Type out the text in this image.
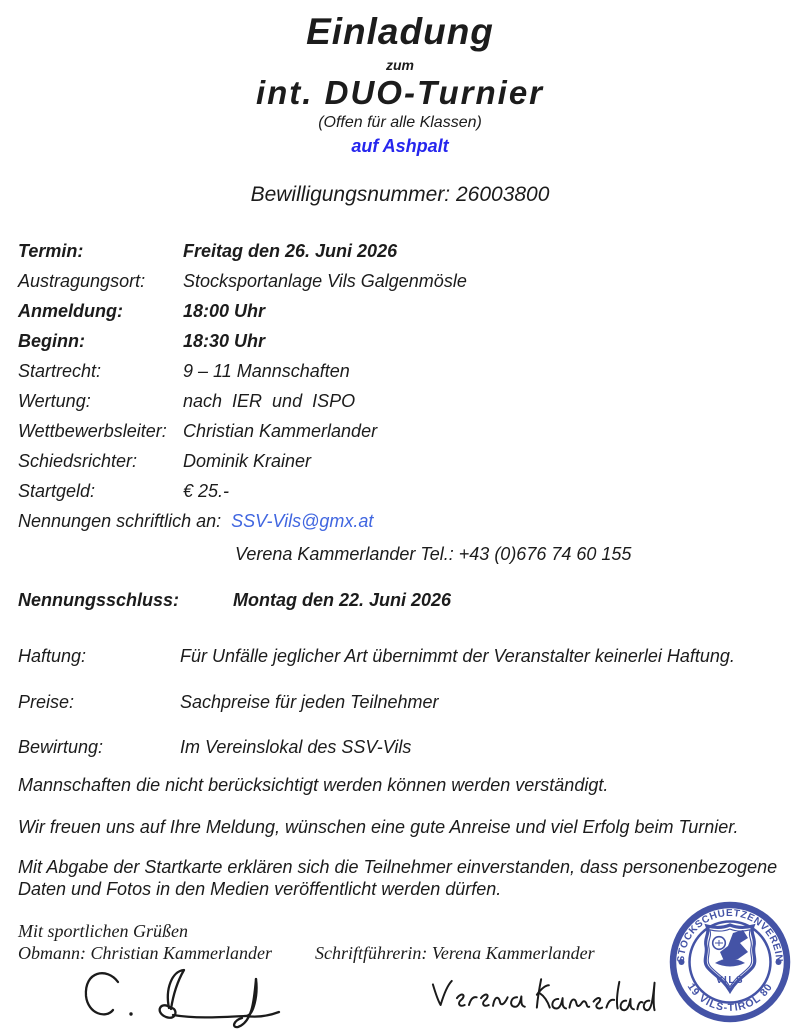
Einladung
zum
int. DUO-Turnier
(Offen für alle Klassen)
auf Ashpalt
Bewilligungsnummer: 26003800
Termin:	Freitag den 26. Juni 2026
Austragungsort:	Stocksportanlage Vils Galgenmösle
Anmeldung:	18:00 Uhr
Beginn:	18:30 Uhr
Startrecht:	9 – 11 Mannschaften
Wertung:	nach  IER  und  ISPO
Wettbewerbsleiter: Christian Kammerlander
Schiedsrichter:	Dominik Krainer
Startgeld:	€ 25.-
Nennungen schriftlich an: SSV-Vils@gmx.at
Verena Kammerlander Tel.: +43 (0)676 74 60 155
Nennungsschluss:	Montag den 22. Juni 2026
Haftung:	Für Unfälle jeglicher Art übernimmt der Veranstalter keinerlei Haftung.
Preise:	Sachpreise für jeden Teilnehmer
Bewirtung:	Im Vereinslokal des SSV-Vils
Mannschaften die nicht berücksichtigt werden können werden verständigt.
Wir freuen uns auf Ihre Meldung, wünschen eine gute Anreise und viel Erfolg beim Turnier.
Mit Abgabe der Startkarte erklären sich die Teilnehmer einverstanden, dass personenbezogene Daten und Fotos in den Medien veröffentlicht werden dürfen.
Mit sportlichen Grüßen
Obmann: Christian Kammerlander	Schriftführerin: Verena Kammerlander	STOCKSCHUETZENVEREIN
19 VILS-TIROL 80
VILS
